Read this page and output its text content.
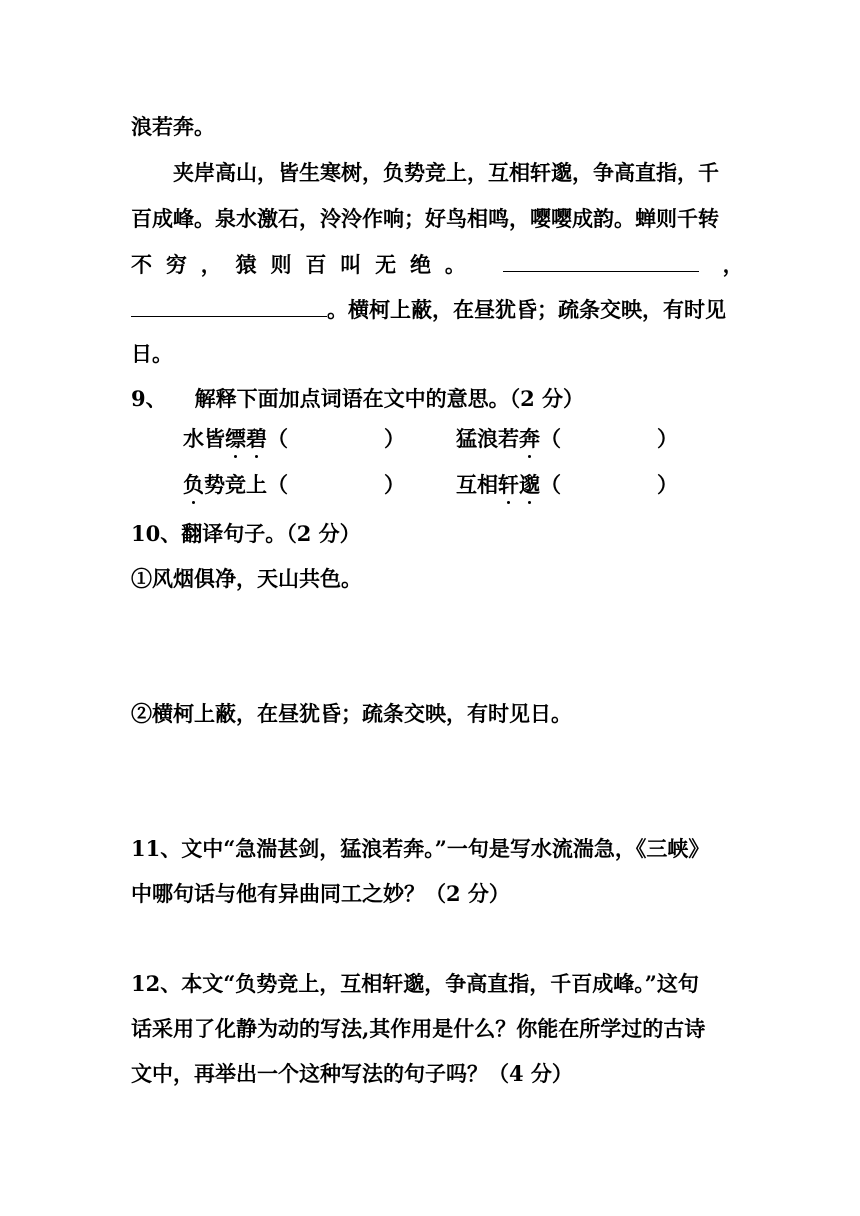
浪若奔。
夹岸高山，皆生寒树，负势竞上，互相轩邈，争高直指，千
百成峰。泉水激石，泠泠作响；好鸟相鸣，嘤嘤成韵。蝉则千转
不 穷 ， 猿 则 百 叫 无 绝 。	，
。横柯上蔽，在昼犹昏；疏条交映，有时见
日。
9、 解释下面加点词语在文中的意思。（2 分）
水皆缥碧（	） 猛浪若奔（	）
负势竞上（	） 互相轩邈（	）
10、翻译句子。（2 分）
①风烟俱净，天山共色。
②横柯上蔽，在昼犹昏；疏条交映，有时见日。
11、文中“急湍甚剑，猛浪若奔。”一句是写水流湍急，《三峡》
中哪句话与他有异曲同工之妙？（2 分）
12、本文“负势竞上，互相轩邈，争高直指，千百成峰。”这句
话采用了化静为动的写法,其作用是什么？你能在所学过的古诗
文中，再举出一个这种写法的句子吗？（4 分）
